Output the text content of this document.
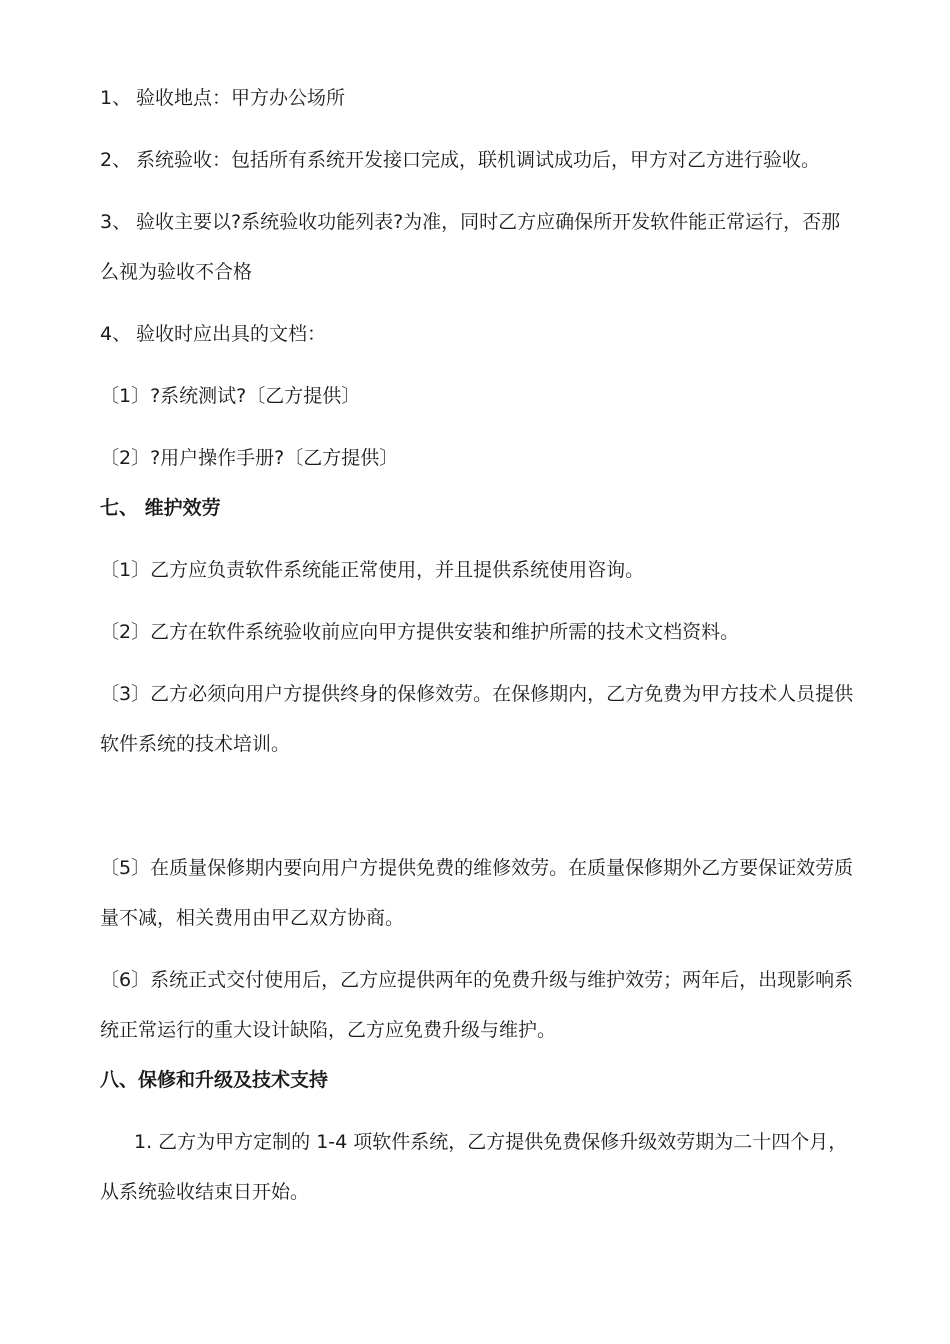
1、 验收地点：甲方办公场所
2、 系统验收：包括所有系统开发接口完成，联机调试成功后，甲方对乙方进行验收。
3、 验收主要以?系统验收功能列表?为准，同时乙方应确保所开发软件能正常运行，否那
么视为验收不合格
4、 验收时应出具的文档：
〔1〕?系统测试?〔乙方提供〕
〔2〕?用户操作手册?〔乙方提供〕
七、 维护效劳
〔1〕乙方应负责软件系统能正常使用，并且提供系统使用咨询。
〔2〕乙方在软件系统验收前应向甲方提供安装和维护所需的技术文档资料。
〔3〕乙方必须向用户方提供终身的保修效劳。在保修期内，乙方免费为甲方技术人员提供
软件系统的技术培训。
〔5〕在质量保修期内要向用户方提供免费的维修效劳。在质量保修期外乙方要保证效劳质
量不减，相关费用由甲乙双方协商。
〔6〕系统正式交付使用后，乙方应提供两年的免费升级与维护效劳；两年后，出现影响系
统正常运行的重大设计缺陷，乙方应免费升级与维护。
八、保修和升级及技术支持
1. 乙方为甲方定制的 1-4 项软件系统，乙方提供免费保修升级效劳期为二十四个月，
从系统验收结束日开始。
